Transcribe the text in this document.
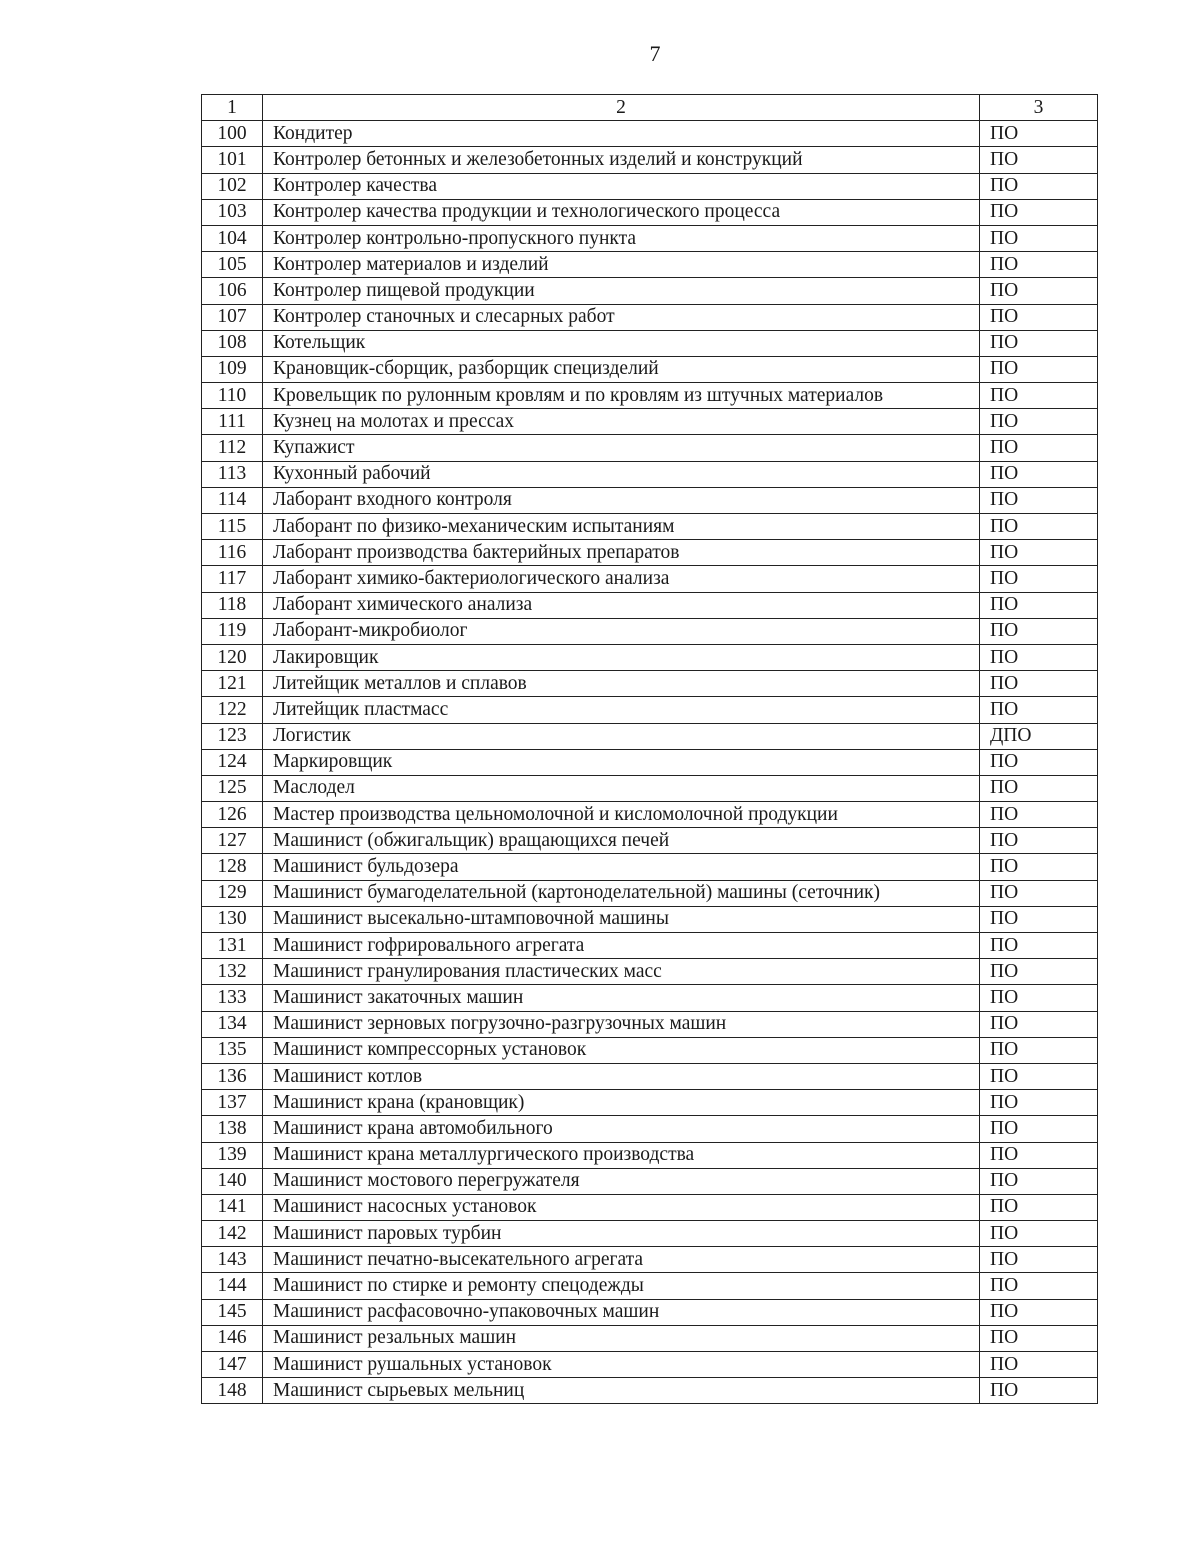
7
1	2	3
100	Кондитер	ПО
101	Контролер бетонных и железобетонных изделий и конструкций	ПО
102	Контролер качества	ПО
103	Контролер качества продукции и технологического процесса	ПО
104	Контролер контрольно-пропускного пункта	ПО
105	Контролер материалов и изделий	ПО
106	Контролер пищевой продукции	ПО
107	Контролер станочных и слесарных работ	ПО
108	Котельщик	ПО
109	Крановщик-сборщик, разборщик специзделий	ПО
110	Кровельщик по рулонным кровлям и по кровлям из штучных материалов	ПО
111	Кузнец на молотах и прессах	ПО
112	Купажист	ПО
113	Кухонный рабочий	ПО
114	Лаборант входного контроля	ПО
115	Лаборант по физико-механическим испытаниям	ПО
116	Лаборант производства бактерийных препаратов	ПО
117	Лаборант химико-бактериологического анализа	ПО
118	Лаборант химического анализа	ПО
119	Лаборант-микробиолог	ПО
120	Лакировщик	ПО
121	Литейщик металлов и сплавов	ПО
122	Литейщик пластмасс	ПО
123	Логистик	ДПО
124	Маркировщик	ПО
125	Маслодел	ПО
126	Мастер производства цельномолочной и кисломолочной продукции	ПО
127	Машинист (обжигальщик) вращающихся печей	ПО
128	Машинист бульдозера	ПО
129	Машинист бумагоделательной (картоноделательной) машины (сеточник)	ПО
130	Машинист высекально-штамповочной машины	ПО
131	Машинист гофрировального агрегата	ПО
132	Машинист гранулирования пластических масс	ПО
133	Машинист закаточных машин	ПО
134	Машинист зерновых погрузочно-разгрузочных машин	ПО
135	Машинист компрессорных установок	ПО
136	Машинист котлов	ПО
137	Машинист крана (крановщик)	ПО
138	Машинист крана автомобильного	ПО
139	Машинист крана металлургического производства	ПО
140	Машинист мостового перегружателя	ПО
141	Машинист насосных установок	ПО
142	Машинист паровых турбин	ПО
143	Машинист печатно-высекательного агрегата	ПО
144	Машинист по стирке и ремонту спецодежды	ПО
145	Машинист расфасовочно-упаковочных машин	ПО
146	Машинист резальных машин	ПО
147	Машинист рушальных установок	ПО
148	Машинист сырьевых мельниц	ПО
